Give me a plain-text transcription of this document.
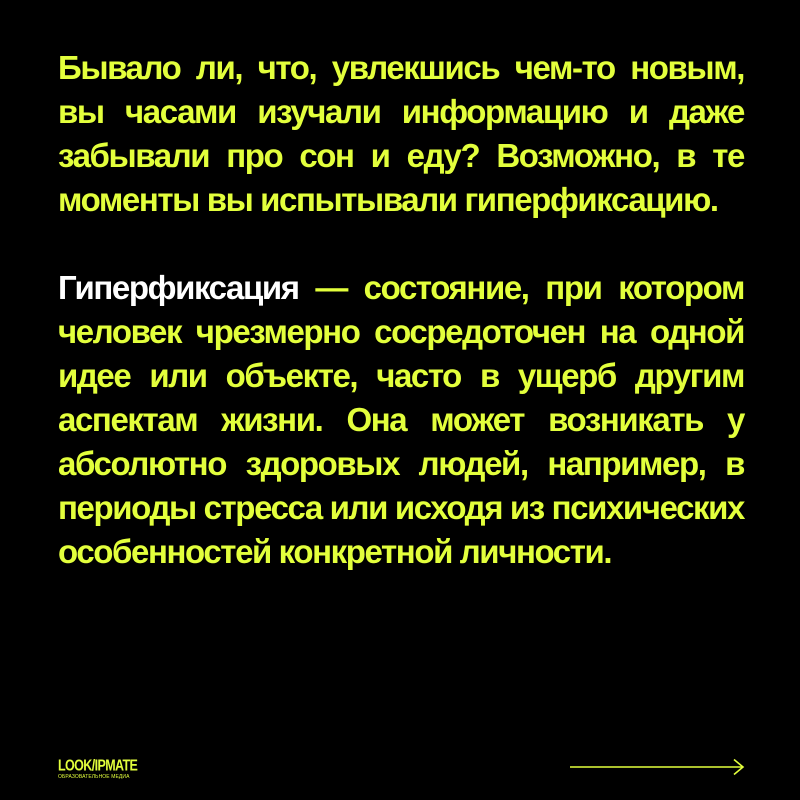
Бывало ли, что, увлекшись чем-то новым, вы часами изучали информацию и даже забывали про сон и еду? Возможно, в те моменты вы испытывали гиперфиксацию.

Гиперфиксация — состояние, при котором человек чрезмерно сосредоточен на одной идее или объекте, часто в ущерб другим аспектам жизни. Она может возникать у абсолютно здоровых людей, например, в периоды стресса или исходя из психических особенностей конкретной личности.

LOOK/IPMATE
ОБРАЗОВАТЕЛЬНОЕ МЕДИА
